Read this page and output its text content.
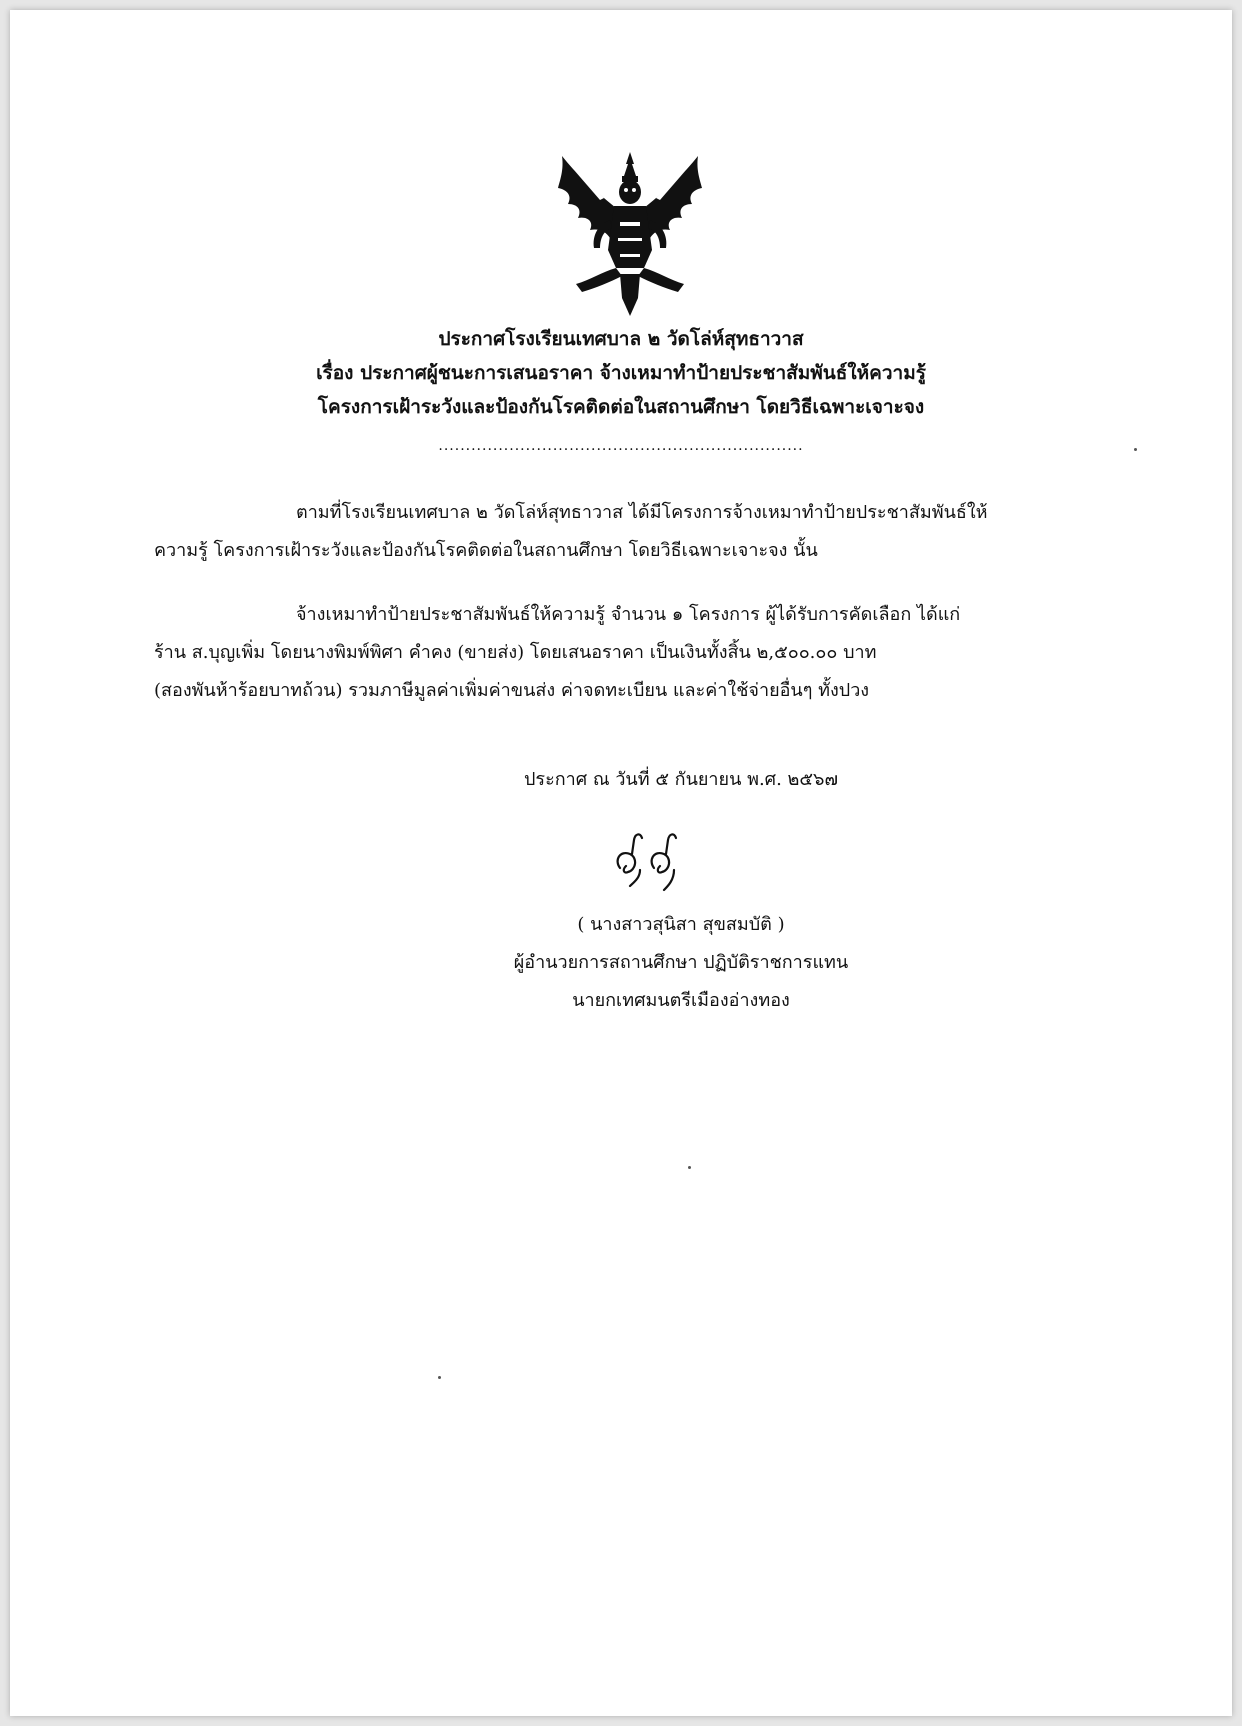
ประกาศโรงเรียนเทศบาล ๒ วัดโล่ห์สุทธาวาส
เรื่อง ประกาศผู้ชนะการเสนอราคา จ้างเหมาทำป้ายประชาสัมพันธ์ให้ความรู้
โครงการเฝ้าระวังและป้องกันโรคติดต่อในสถานศึกษา โดยวิธีเฉพาะเจาะจง
...................................................................
ตามที่โรงเรียนเทศบาล ๒ วัดโล่ห์สุทธาวาส ได้มีโครงการจ้างเหมาทำป้ายประชาสัมพันธ์ให้
ความรู้ โครงการเฝ้าระวังและป้องกันโรคติดต่อในสถานศึกษา โดยวิธีเฉพาะเจาะจง นั้น
จ้างเหมาทำป้ายประชาสัมพันธ์ให้ความรู้ จำนวน ๑ โครงการ ผู้ได้รับการคัดเลือก ได้แก่
ร้าน ส.บุญเพิ่ม โดยนางพิมพ์พิศา คำคง (ขายส่ง) โดยเสนอราคา เป็นเงินทั้งสิ้น ๒,๕๐๐.๐๐ บาท
(สองพันห้าร้อยบาทถ้วน) รวมภาษีมูลค่าเพิ่มค่าขนส่ง ค่าจดทะเบียน และค่าใช้จ่ายอื่นๆ ทั้งปวง
ประกาศ ณ วันที่ ๕ กันยายน พ.ศ. ๒๕๖๗
( นางสาวสุนิสา สุขสมบัติ )
ผู้อำนวยการสถานศึกษา ปฏิบัติราชการแทน
นายกเทศมนตรีเมืองอ่างทอง
